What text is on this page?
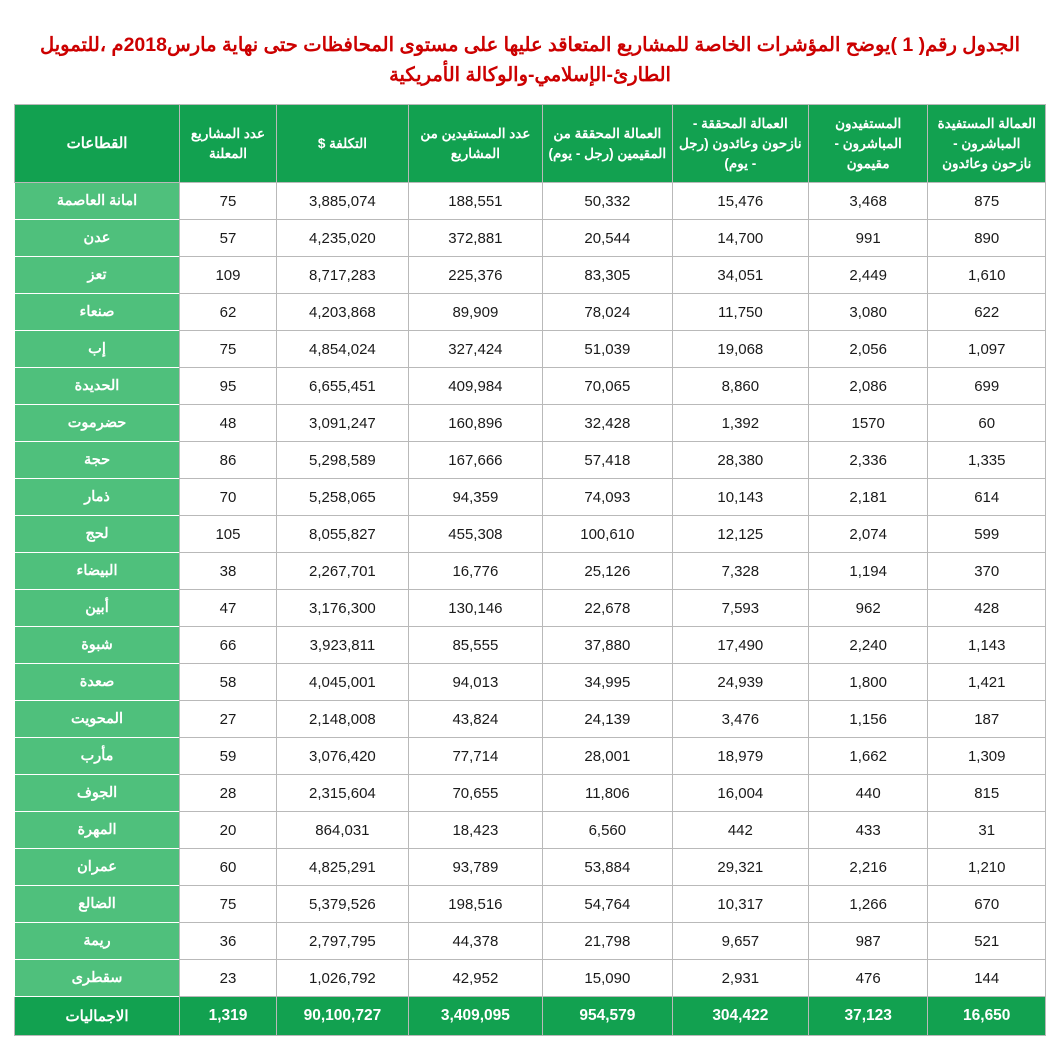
الجدول رقم( 1 )يوضح المؤشرات الخاصة للمشاريع المتعاقد عليها على مستوى المحافظات حتى نهاية مارس2018م ،للتمويل الطارئ-الإسلامي-والوكالة الأمريكية
العمالة المستفيدة المباشرون - نازحون وعائدون	المستفيدون المباشرون - مقيمون	العمالة المحققة - نازحون وعائدون (رجل - يوم)	العمالة المحققة من المقيمين (رجل - يوم)	عدد المستفيدين من المشاريع	التكلفة $	عدد المشاريع المعلنة	القطاعات
875	3,468	15,476	50,332	188,551	3,885,074	75	امانة العاصمة
890	991	14,700	20,544	372,881	4,235,020	57	عدن
1,610	2,449	34,051	83,305	225,376	8,717,283	109	تعز
622	3,080	11,750	78,024	89,909	4,203,868	62	صنعاء
1,097	2,056	19,068	51,039	327,424	4,854,024	75	إب
699	2,086	8,860	70,065	409,984	6,655,451	95	الحديدة
60	1570	1,392	32,428	160,896	3,091,247	48	حضرموت
1,335	2,336	28,380	57,418	167,666	5,298,589	86	حجة
614	2,181	10,143	74,093	94,359	5,258,065	70	ذمار
599	2,074	12,125	100,610	455,308	8,055,827	105	لحج
370	1,194	7,328	25,126	16,776	2,267,701	38	البيضاء
428	962	7,593	22,678	130,146	3,176,300	47	أبين
1,143	2,240	17,490	37,880	85,555	3,923,811	66	شبوة
1,421	1,800	24,939	34,995	94,013	4,045,001	58	صعدة
187	1,156	3,476	24,139	43,824	2,148,008	27	المحويت
1,309	1,662	18,979	28,001	77,714	3,076,420	59	مأرب
815	440	16,004	11,806	70,655	2,315,604	28	الجوف
31	433	442	6,560	18,423	864,031	20	المهرة
1,210	2,216	29,321	53,884	93,789	4,825,291	60	عمران
670	1,266	10,317	54,764	198,516	5,379,526	75	الضالع
521	987	9,657	21,798	44,378	2,797,795	36	ريمة
144	476	2,931	15,090	42,952	1,026,792	23	سقطرى
16,650	37,123	304,422	954,579	3,409,095	90,100,727	1,319	الاجماليات
